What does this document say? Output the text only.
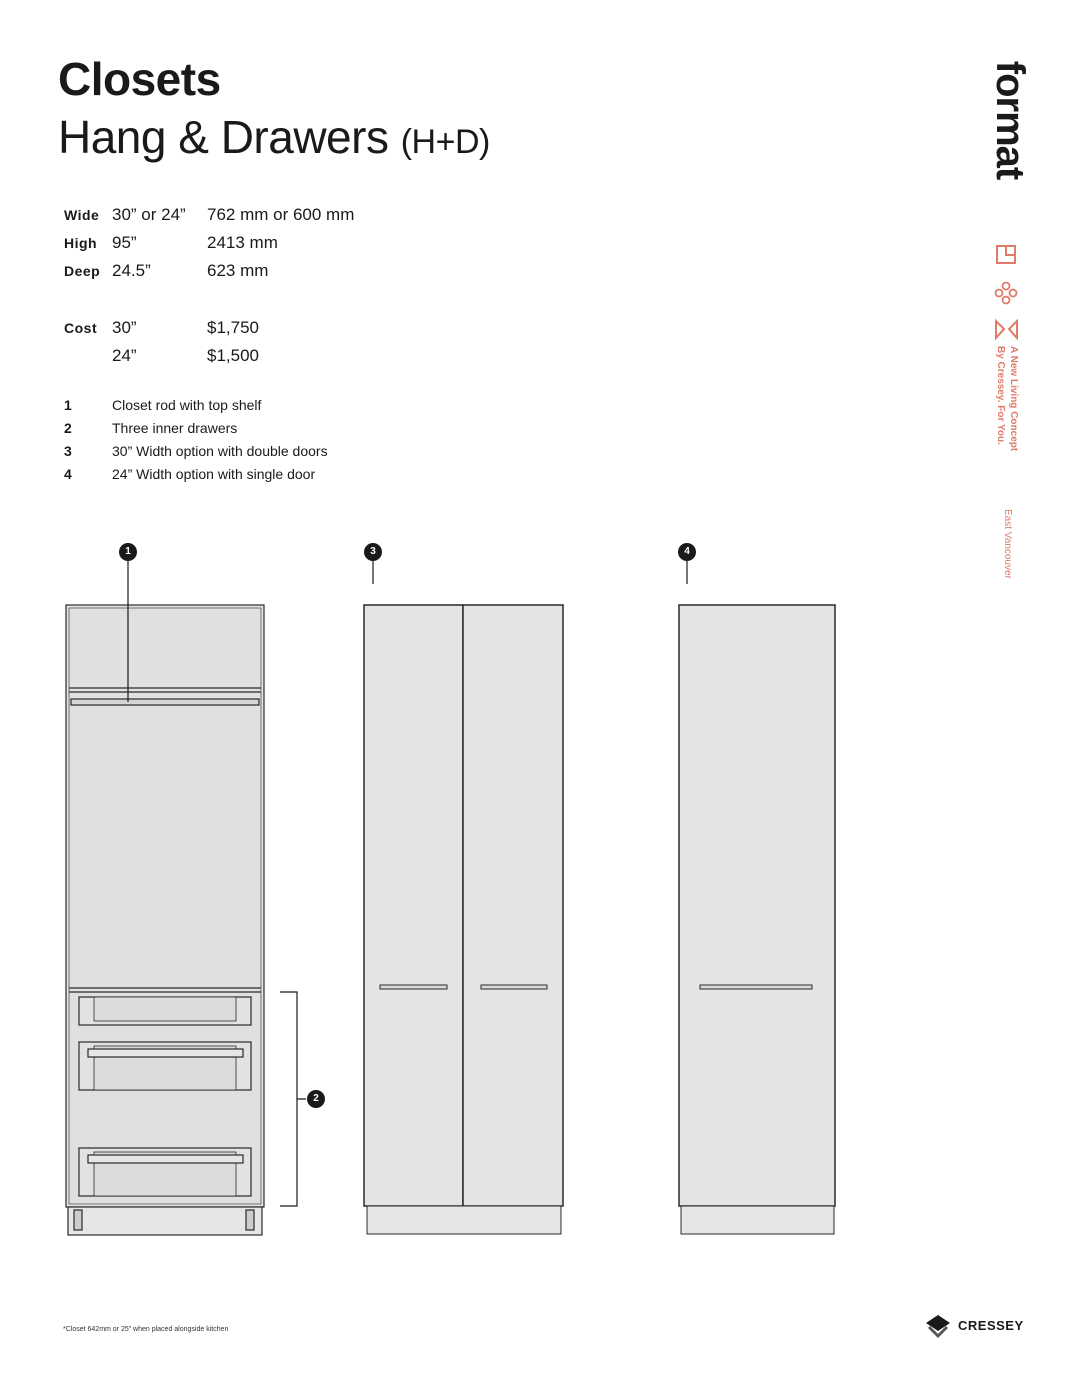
Closets
Hang & Drawers (H+D)
Wide 30” or 24” 762 mm or 600 mm
High 95”	2413 mm
Deep 24.5”	623 mm
Cost 30”	$1,750
24”	$1,500
1	Closet rod with top shelf
2	Three inner drawers
3	30” Width option with double doors
4	24” Width option with single door
format
A New Living Concept
By Cressey. For You.
East Vancouver
1
2
3	4
*Closet 642mm or 25” when placed alongside kitchen	CRESSEY
